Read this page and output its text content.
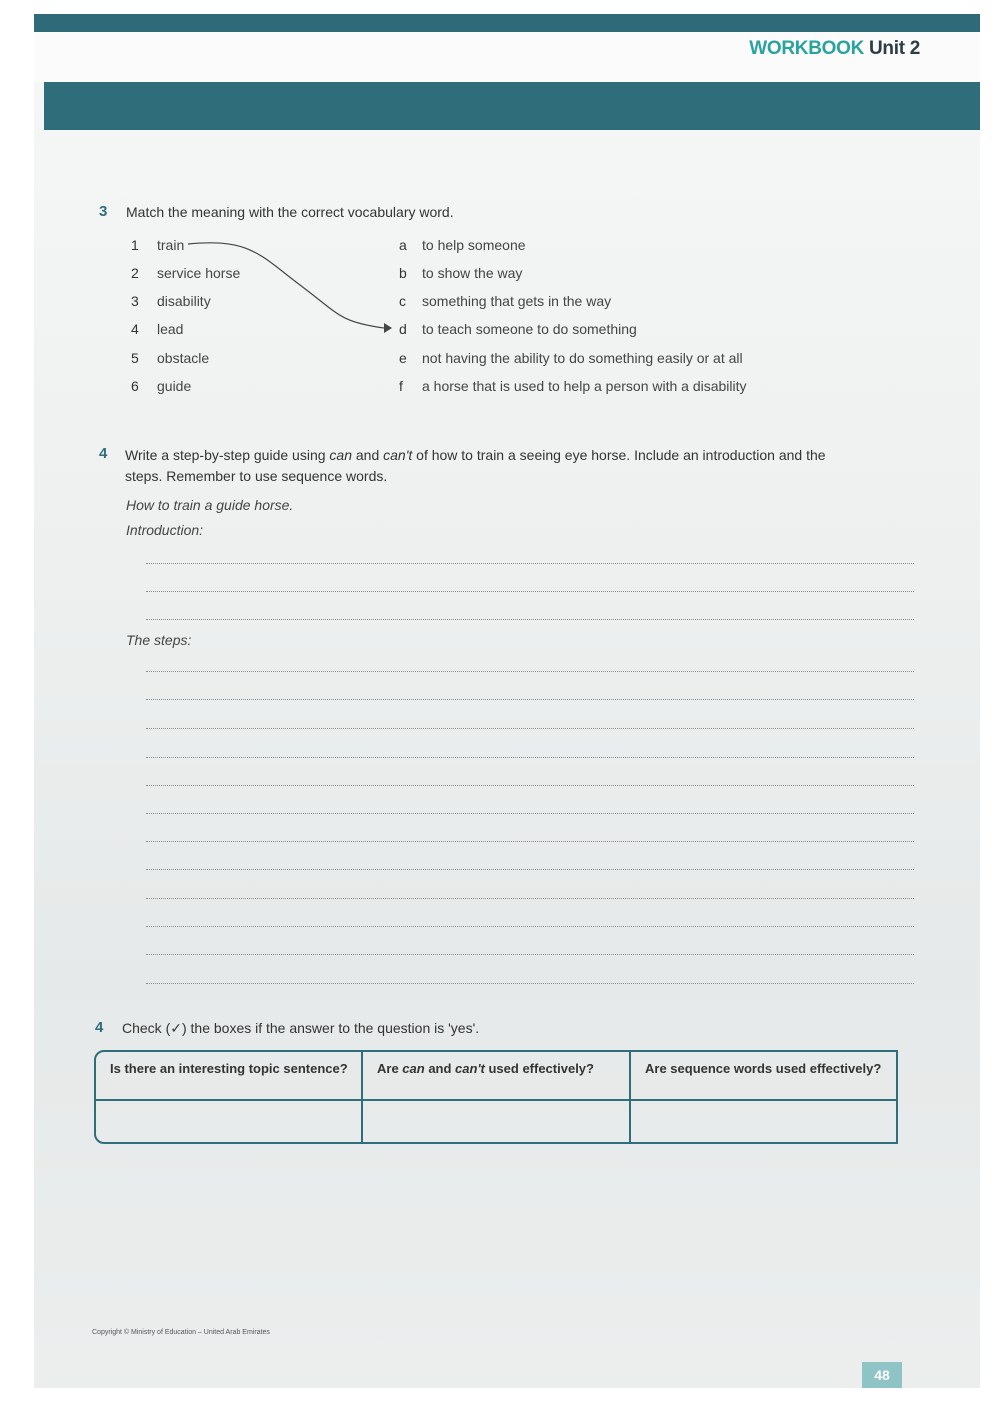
WORKBOOK Unit 2
3 Match the meaning with the correct vocabulary word.
1 train
2 service horse
3 disability
4 lead
5 obstacle
6 guide
a to help someone
b to show the way
c something that gets in the way
d to teach someone to do something
e not having the ability to do something easily or at all
f a horse that is used to help a person with a disability
4 Write a step-by-step guide using can and can't of how to train a seeing eye horse. Include an introduction and the
steps. Remember to use sequence words.
How to train a guide horse.
Introduction:
The steps:
4 Check (✓) the boxes if the answer to the question is 'yes'.
Is there an interesting topic sentence?	Are can and can't used effectively?	Are sequence words used effectively?
Copyright © Ministry of Education – United Arab Emirates
48
